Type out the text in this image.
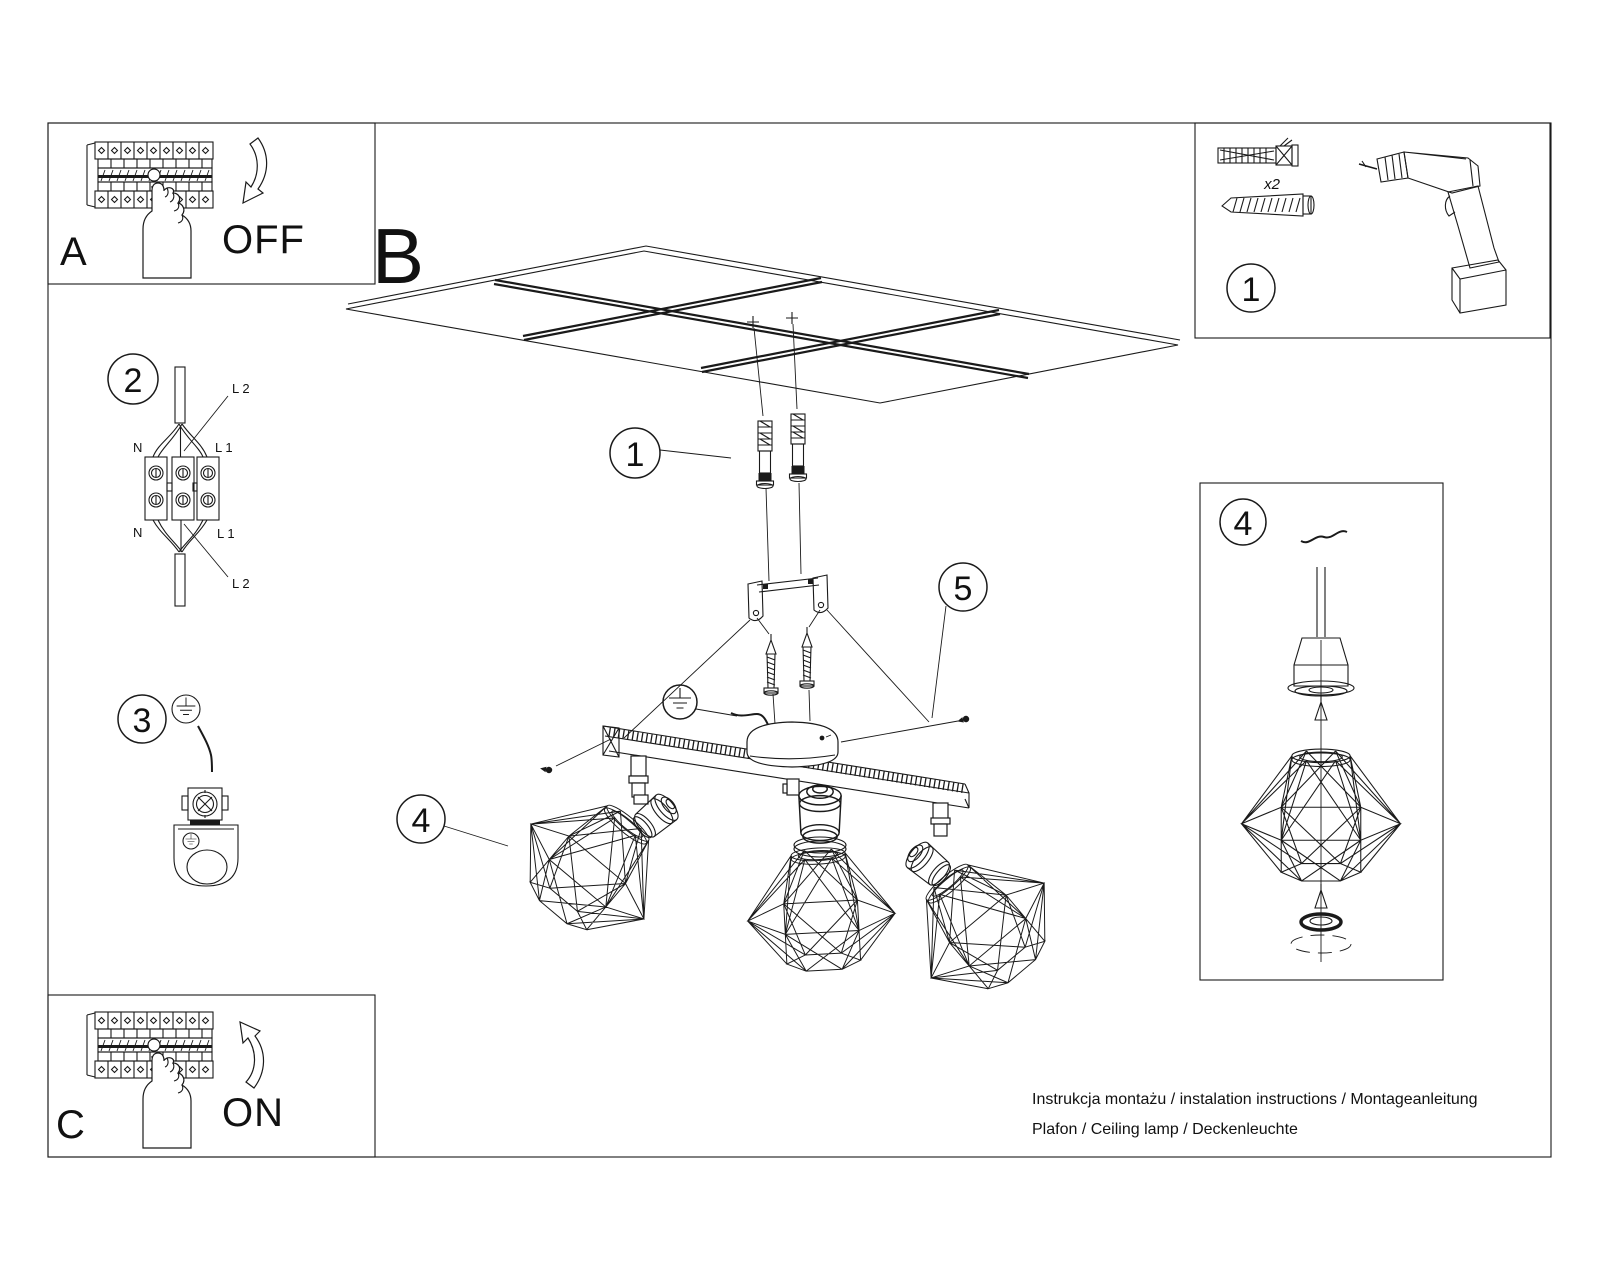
A	OFF
C	ON
2	L 2
N	L 1
N	L 1
L 2
3
B
1
5
4
x2
1
4
Instrukcja montażu / instalation instructions / Montageanleitung
Plafon / Ceiling lamp / Deckenleuchte
